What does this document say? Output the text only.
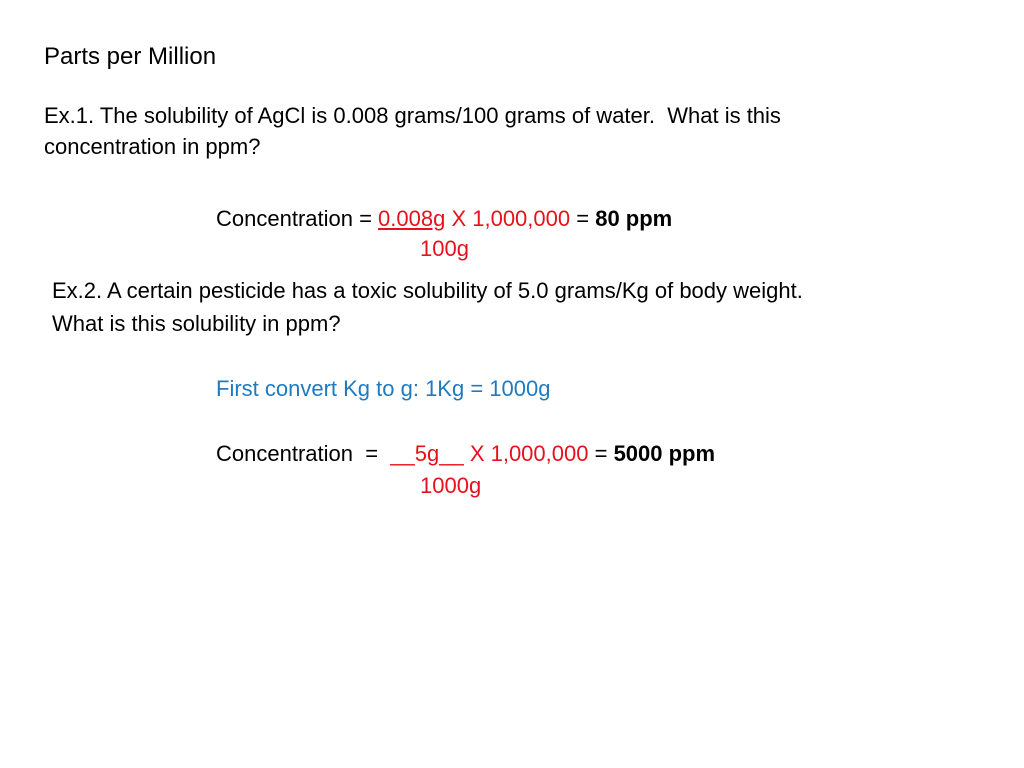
Parts per Million
Ex.1. The solubility of AgCl is 0.008 grams/100 grams of water.  What is this
concentration in ppm?
Concentration = 0.008g X 1,000,000 = 80 ppm
100g
Ex.2. A certain pesticide has a toxic solubility of 5.0 grams/Kg of body weight.
What is this solubility in ppm?
First convert Kg to g: 1Kg = 1000g
Concentration  =  __5g__ X 1,000,000 = 5000 ppm
1000g
